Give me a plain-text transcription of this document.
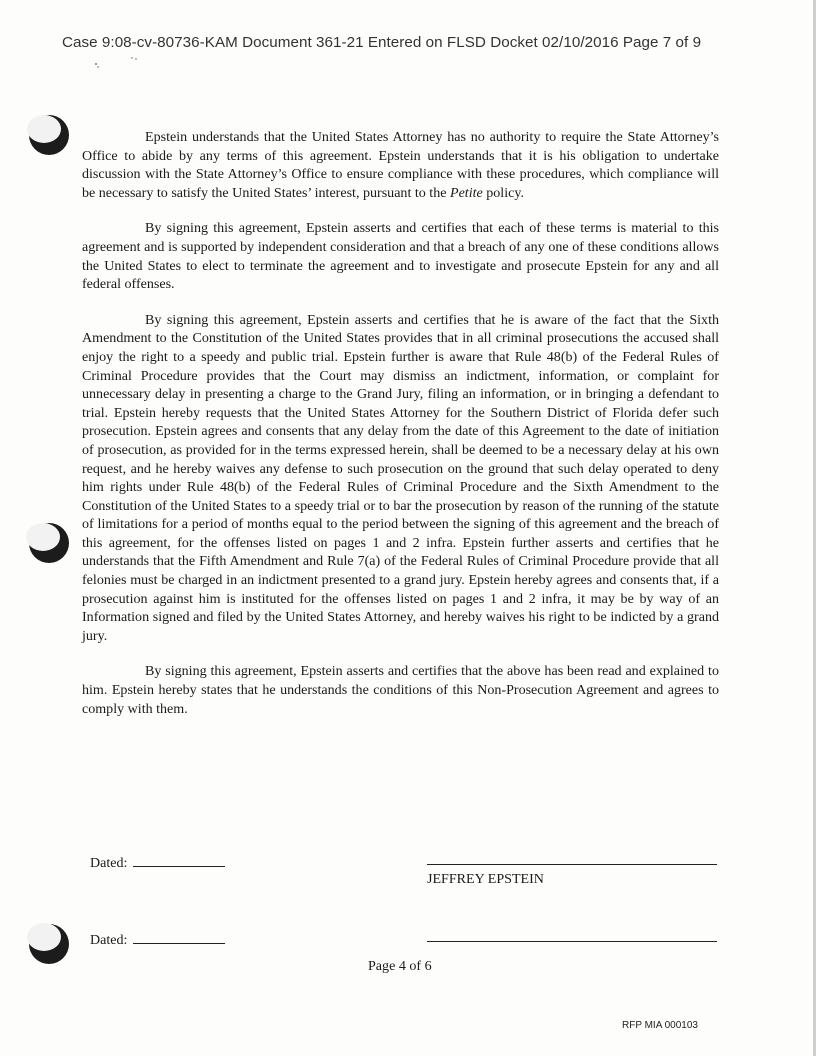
Case 9:08-cv-80736-KAM Document 361-21 Entered on FLSD Docket 02/10/2016 Page 7 of 9

Epstein understands that the United States Attorney has no authority to require the State Attorney’s Office to abide by any terms of this agreement. Epstein understands that it is his obligation to undertake discussion with the State Attorney’s Office to ensure compliance with these procedures, which compliance will be necessary to satisfy the United States’ interest, pursuant to the Petite policy.

By signing this agreement, Epstein asserts and certifies that each of these terms is material to this agreement and is supported by independent consideration and that a breach of any one of these conditions allows the United States to elect to terminate the agreement and to investigate and prosecute Epstein for any and all federal offenses.

By signing this agreement, Epstein asserts and certifies that he is aware of the fact that the Sixth Amendment to the Constitution of the United States provides that in all criminal prosecutions the accused shall enjoy the right to a speedy and public trial. Epstein further is aware that Rule 48(b) of the Federal Rules of Criminal Procedure provides that the Court may dismiss an indictment, information, or complaint for unnecessary delay in presenting a charge to the Grand Jury, filing an information, or in bringing a defendant to trial. Epstein hereby requests that the United States Attorney for the Southern District of Florida defer such prosecution. Epstein agrees and consents that any delay from the date of this Agreement to the date of initiation of prosecution, as provided for in the terms expressed herein, shall be deemed to be a necessary delay at his own request, and he hereby waives any defense to such prosecution on the ground that such delay operated to deny him rights under Rule 48(b) of the Federal Rules of Criminal Procedure and the Sixth Amendment to the Constitution of the United States to a speedy trial or to bar the prosecution by reason of the running of the statute of limitations for a period of months equal to the period between the signing of this agreement and the breach of this agreement, for the offenses listed on pages 1 and 2 infra. Epstein further asserts and certifies that he understands that the Fifth Amendment and Rule 7(a) of the Federal Rules of Criminal Procedure provide that all felonies must be charged in an indictment presented to a grand jury. Epstein hereby agrees and consents that, if a prosecution against him is instituted for the offenses listed on pages 1 and 2 infra, it may be by way of an Information signed and filed by the United States Attorney, and hereby waives his right to be indicted by a grand jury.

By signing this agreement, Epstein asserts and certifies that the above has been read and explained to him. Epstein hereby states that he understands the conditions of this Non-Prosecution Agreement and agrees to comply with them.

Dated:
JEFFREY EPSTEIN
Dated:
Page 4 of 6
RFP MIA 000103
